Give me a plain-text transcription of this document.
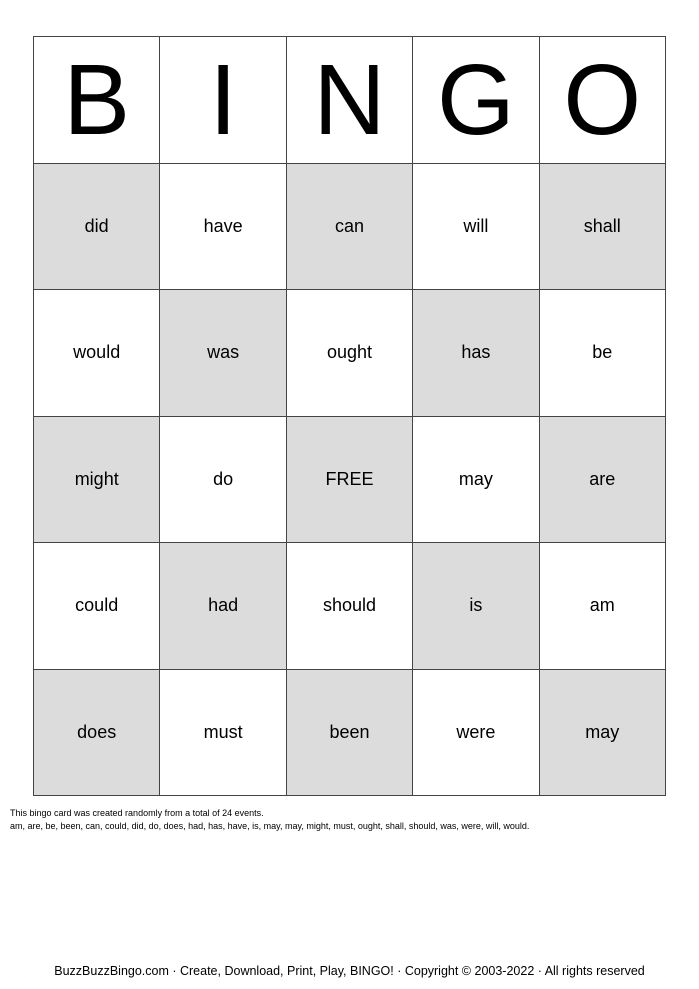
B I N G O
did	have	can	will	shall
would	was	ought	has	be
might	do	FREE	may	are
could	had	should	is	am
does	must	been	were	may
This bingo card was created randomly from a total of 24 events.
am, are, be, been, can, could, did, do, does, had, has, have, is, may, may, might, must, ought, shall, should, was, were, will, would.
BuzzBuzzBingo.com · Create, Download, Print, Play, BINGO! · Copyright © 2003-2022 · All rights reserved
